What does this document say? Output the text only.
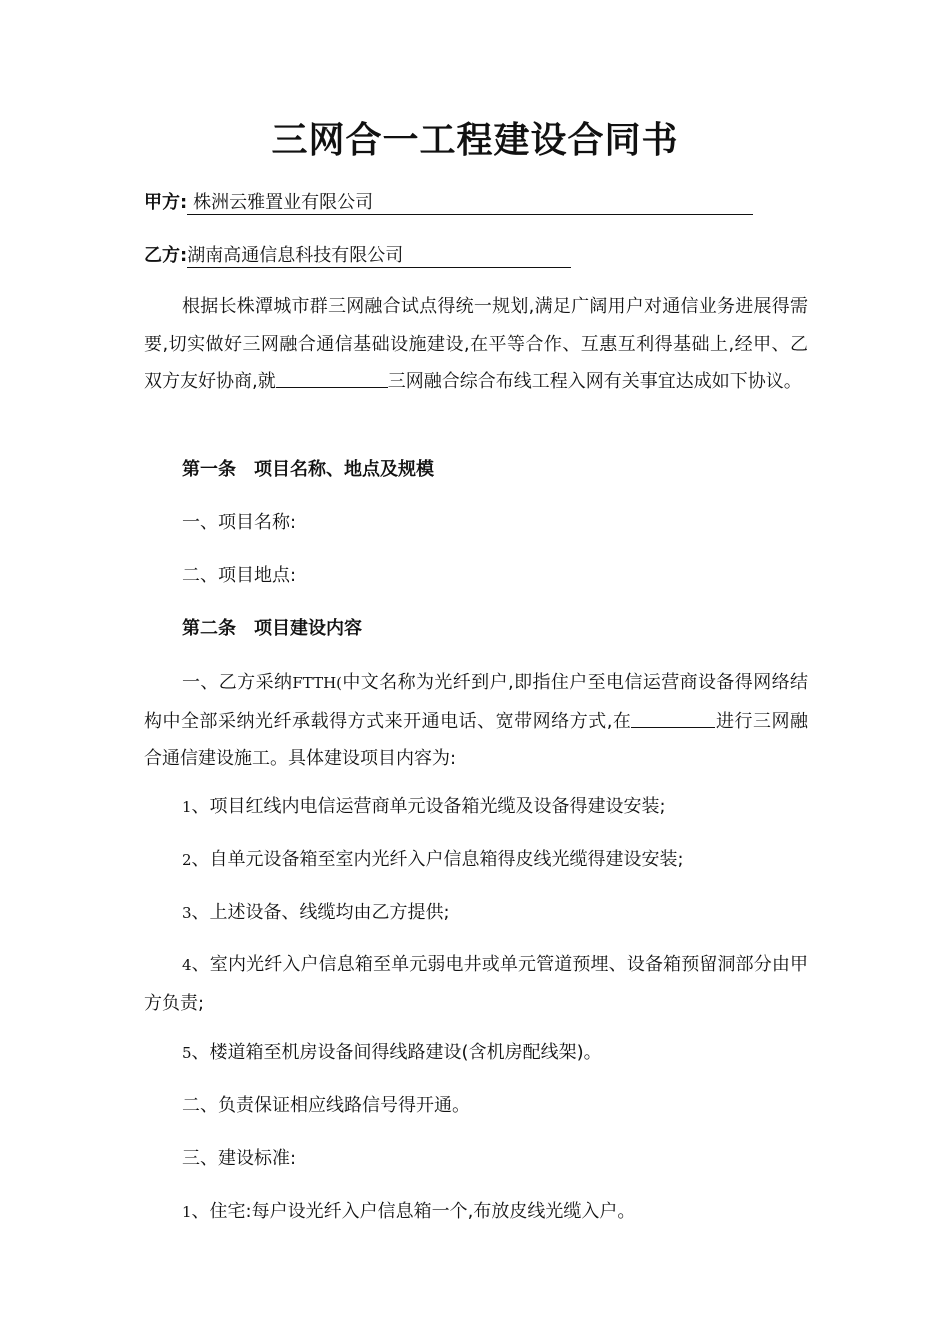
三网合一工程建设合同书
甲方:  株洲云雅置业有限公司
乙方:湖南高通信息科技有限公司

根据长株潭城市群三网融合试点得统一规划,满足广阔用户对通信业务进展得需要,切实做好三网融合通信基础设施建设,在平等合作、互惠互利得基础上,经甲、乙双方友好协商,就	三网融合综合布线工程入网有关事宜达成如下协议。

第一条　项目名称、地点及规模
一、项目名称:
二、项目地点:
第二条　项目建设内容

一、乙方采纳FTTH(中文名称为光纤到户,即指住户至电信运营商设备得网络结构中全部采纳光纤承载得方式来开通电话、宽带网络方式,在	进行三网融合通信建设施工。具体建设项目内容为:

1、项目红线内电信运营商单元设备箱光缆及设备得建设安装;
2、自单元设备箱至室内光纤入户信息箱得皮线光缆得建设安装;
3、上述设备、线缆均由乙方提供;

4、室内光纤入户信息箱至单元弱电井或单元管道预埋、设备箱预留洞部分由甲方负责;

5、楼道箱至机房设备间得线路建设(含机房配线架)。
二、负责保证相应线路信号得开通。
三、建设标准:
1、住宅:每户设光纤入户信息箱一个,布放皮线光缆入户。
